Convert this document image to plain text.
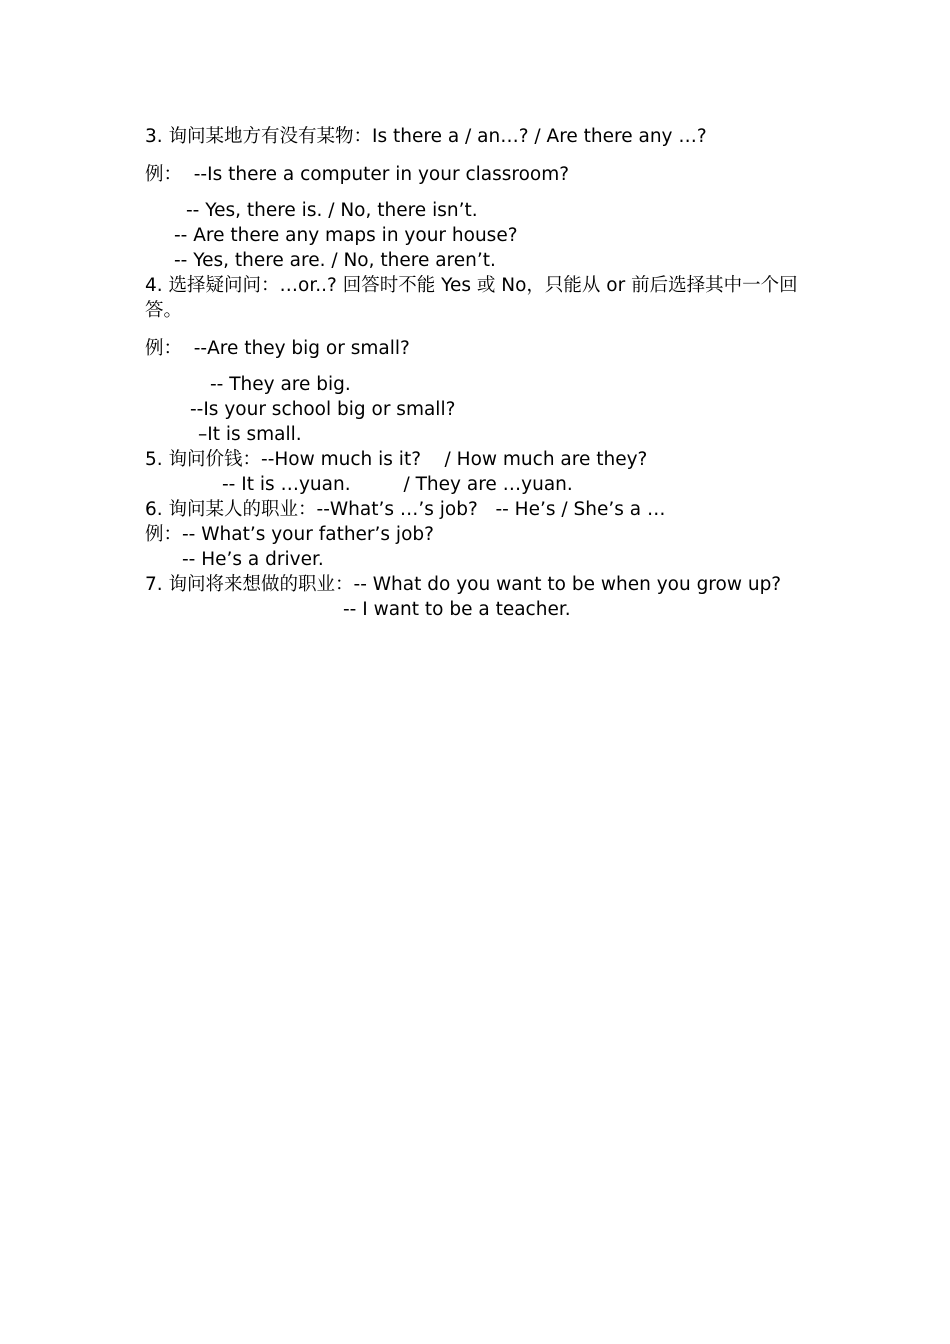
3. 询问某地方有没有某物：Is there a / an…? / Are there any …?
例：  --Is there a computer in your classroom?
-- Yes, there is. / No, there isn’t.
-- Are there any maps in your house?
-- Yes, there are. / No, there aren’t.
4. 选择疑问问：…or..? 回答时不能 Yes 或 No，只能从 or 前后选择其中一个回
答。
例：  --Are they big or small?
-- They are big.
--Is your school big or small?
–It is small.
5. 询问价钱：--How much is it?    / How much are they?
-- It is …yuan.         / They are …yuan.
6. 询问某人的职业：--What’s …’s job?   -- He’s / She’s a …
例：-- What’s your father’s job?
-- He’s a driver.
7. 询问将来想做的职业：-- What do you want to be when you grow up?
-- I want to be a teacher.
